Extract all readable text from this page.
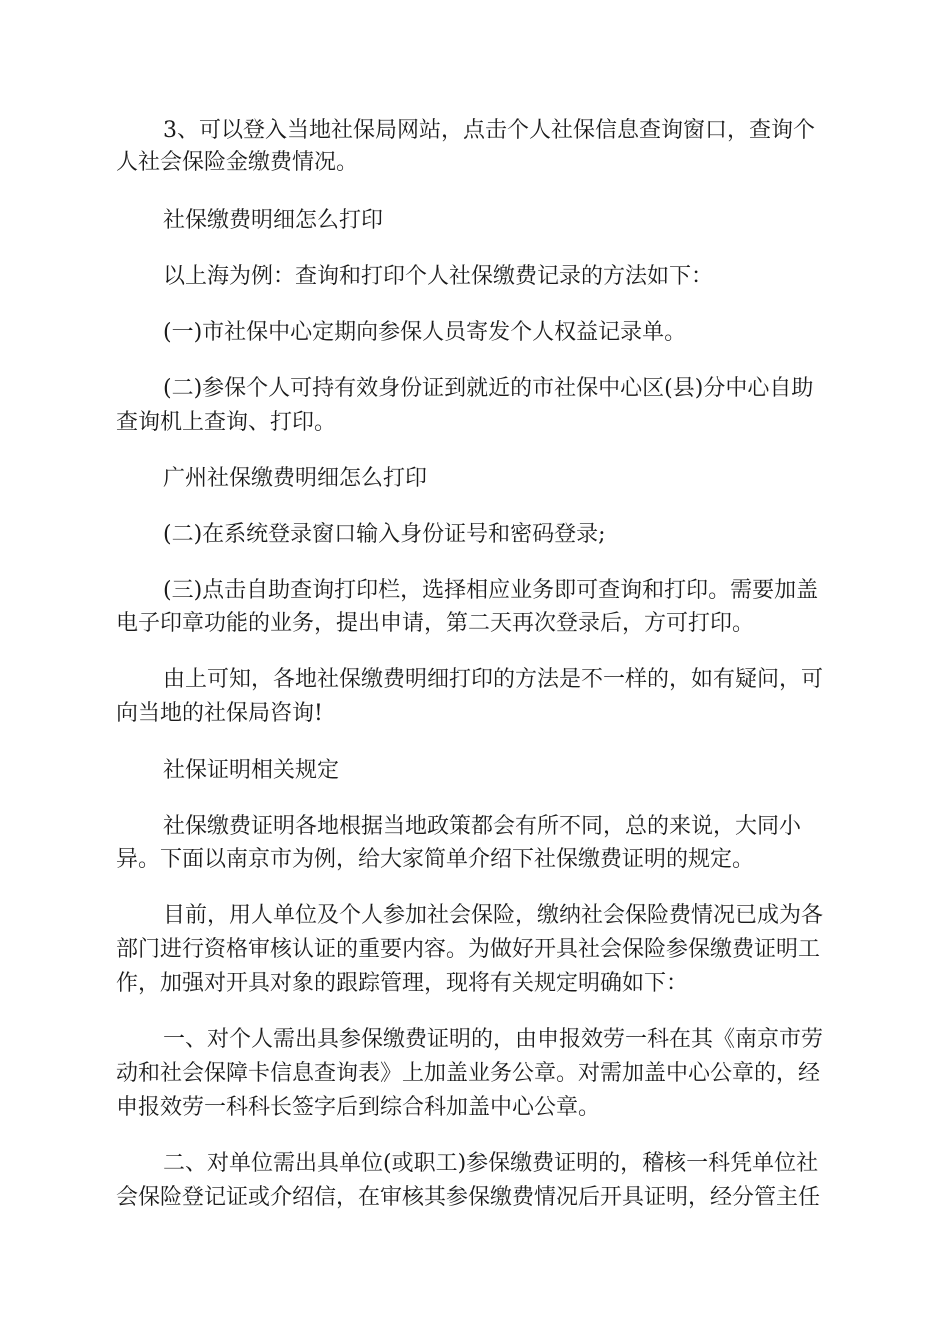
3、可以登入当地社保局网站，点击个人社保信息查询窗口，查询个
人社会保险金缴费情况。
社保缴费明细怎么打印
以上海为例：查询和打印个人社保缴费记录的方法如下：
(一)市社保中心定期向参保人员寄发个人权益记录单。
(二)参保个人可持有效身份证到就近的市社保中心区(县)分中心自助
查询机上查询、打印。
广州社保缴费明细怎么打印
(二)在系统登录窗口输入身份证号和密码登录;
(三)点击自助查询打印栏，选择相应业务即可查询和打印。需要加盖
电子印章功能的业务，提出申请，第二天再次登录后，方可打印。
由上可知，各地社保缴费明细打印的方法是不一样的，如有疑问，可
向当地的社保局咨询!
社保证明相关规定
社保缴费证明各地根据当地政策都会有所不同，总的来说，大同小
异。下面以南京市为例，给大家简单介绍下社保缴费证明的规定。
目前，用人单位及个人参加社会保险，缴纳社会保险费情况已成为各
部门进行资格审核认证的重要内容。为做好开具社会保险参保缴费证明工
作，加强对开具对象的跟踪管理，现将有关规定明确如下：
一、对个人需出具参保缴费证明的，由申报效劳一科在其《南京市劳
动和社会保障卡信息查询表》上加盖业务公章。对需加盖中心公章的，经
申报效劳一科科长签字后到综合科加盖中心公章。
二、对单位需出具单位(或职工)参保缴费证明的，稽核一科凭单位社
会保险登记证或介绍信，在审核其参保缴费情况后开具证明，经分管主任
